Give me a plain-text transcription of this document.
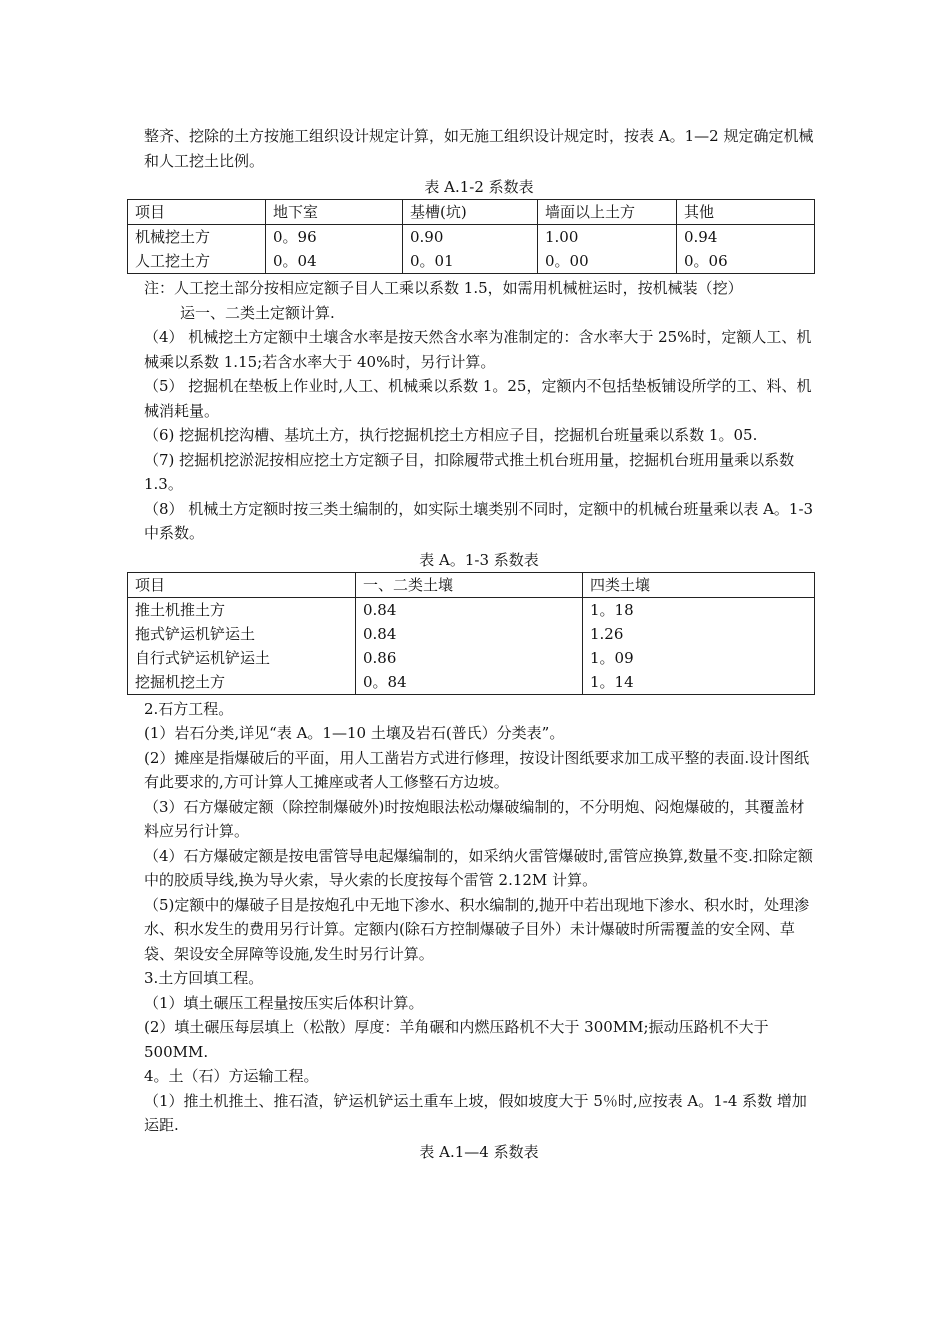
整齐、挖除的土方按施工组织设计规定计算，如无施工组织设计规定时，按表 A。1—2 规定确定机械和人工挖土比例。

表 A.1-2 系数表
项目	地下室	基槽(坑)	墙面以上土方	其他
机械挖土方	0。96	0.90	1.00	0.94
人工挖土方	0。04	0。01	0。00	0。06

注：人工挖土部分按相应定额子目人工乘以系数 1.5，如需用机械桩运时，按机械装（挖）

运一、二类土定额计算.

（4） 机械挖土方定额中土壤含水率是按天然含水率为准制定的：含水率大于 25%时，定额人工、机械乘以系数 1.15;若含水率大于 40%时，另行计算。

（5） 挖掘机在垫板上作业时,人工、机械乘以系数 1。25，定额内不包括垫板铺设所学的工、料、机械消耗量。

（6) 挖掘机挖沟槽、基坑土方，执行挖掘机挖土方相应子目，挖掘机台班量乘以系数 1。05.

（7) 挖掘机挖淤泥按相应挖土方定额子目，扣除履带式推土机台班用量，挖掘机台班用量乘以系数 1.3。

（8） 机械土方定额时按三类土编制的，如实际土壤类别不同时，定额中的机械台班量乘以表 A。1-3 中系数。

表 A。1-3 系数表
项目	一、二类土壤	四类土壤
推土机推土方	0.84	1。18
拖式铲运机铲运土	0.84	1.26
自行式铲运机铲运土	0.86	1。09
挖掘机挖土方	0。84	1。14

2.石方工程。

(1）岩石分类,详见“表 A。1—10 土壤及岩石(普氏）分类表”。

(2）摊座是指爆破后的平面，用人工凿岩方式进行修理，按设计图纸要求加工成平整的表面.设计图纸有此要求的,方可计算人工摊座或者人工修整石方边坡。

（3）石方爆破定额（除控制爆破外)时按炮眼法松动爆破编制的，不分明炮、闷炮爆破的，其覆盖材料应另行计算。

（4）石方爆破定额是按电雷管导电起爆编制的，如采纳火雷管爆破时,雷管应换算,数量不变.扣除定额中的胶质导线,换为导火索，导火索的长度按每个雷管 2.12M 计算。

（5)定额中的爆破子目是按炮孔中无地下渗水、积水编制的,抛开中若出现地下渗水、积水时，处理渗水、积水发生的费用另行计算。定额内(除石方控制爆破子目外）未计爆破时所需覆盖的安全网、草袋、架设安全屏障等设施,发生时另行计算。

3.土方回填工程。

（1）填土碾压工程量按压实后体积计算。

(2）填土碾压每层填上（松散）厚度：羊角碾和内燃压路机不大于 300MM;振动压路机不大于 500MM.

4。土（石）方运输工程。

（1）推土机推土、推石渣，铲运机铲运土重车上坡，假如坡度大于 5％时,应按表 A。1-4 系数 增加运距.

表 A.1—4 系数表
